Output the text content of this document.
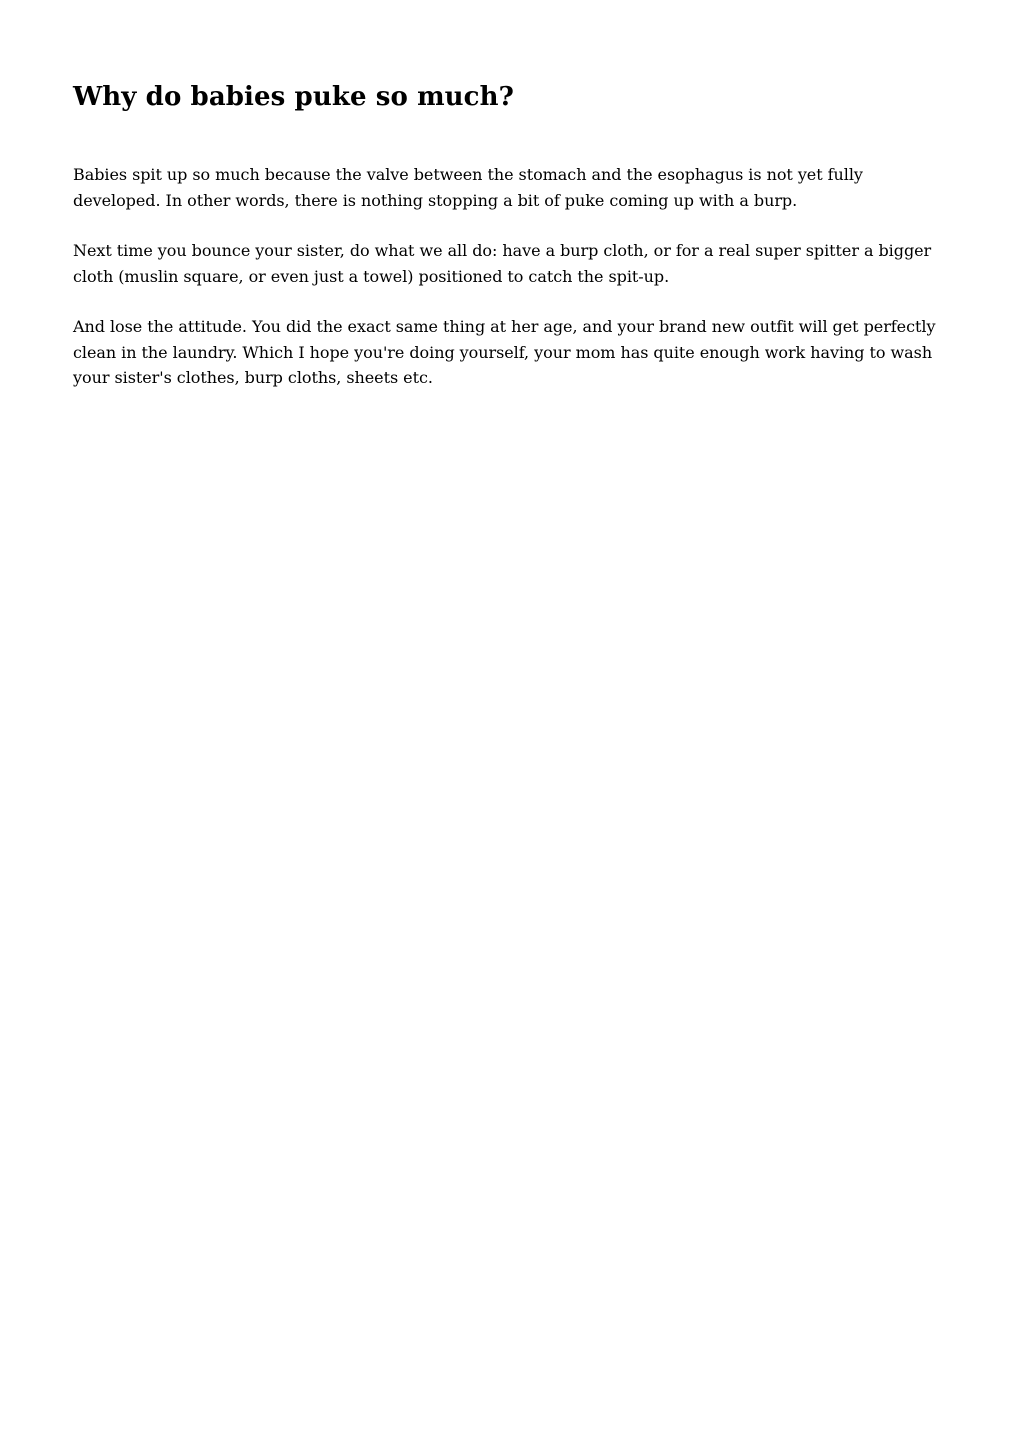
Why do babies puke so much?

Babies spit up so much because the valve between the stomach and the esophagus is not yet fully developed. In other words, there is nothing stopping a bit of puke coming up with a burp.

Next time you bounce your sister, do what we all do: have a burp cloth, or for a real super spitter a bigger cloth (muslin square, or even just a towel) positioned to catch the spit-up.

And lose the attitude. You did the exact same thing at her age, and your brand new outfit will get perfectly clean in the laundry. Which I hope you're doing yourself, your mom has quite enough work having to wash your sister's clothes, burp cloths, sheets etc.
